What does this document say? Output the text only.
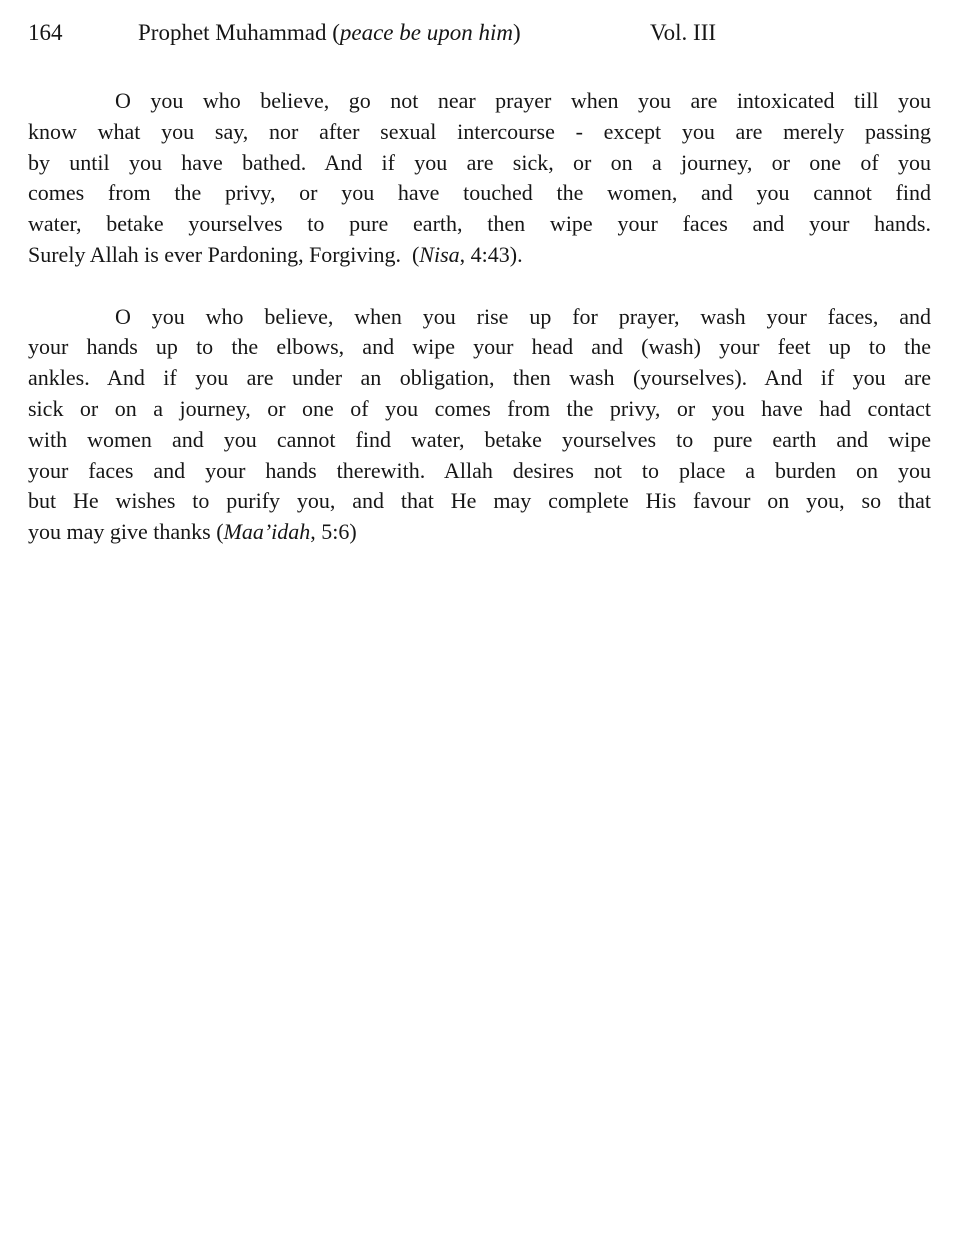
164	Prophet Muhammad (peace be upon him)	Vol. III
O you who believe, go not near prayer when you are intoxicated till you
know what you say, nor after sexual intercourse - except you are merely passing
by until you have bathed. And if you are sick, or on a journey, or one of you
comes from the privy, or you have touched the women, and you cannot find
water, betake yourselves to pure earth, then wipe your faces and your hands.
Surely Allah is ever Pardoning, Forgiving.  (Nisa, 4:43).
O you who believe, when you rise up for prayer, wash your faces, and
your hands up to the elbows, and wipe your head and (wash) your feet up to the
ankles. And if you are under an obligation, then wash (yourselves). And if you are
sick or on a journey, or one of you comes from the privy, or you have had contact
with women and you cannot find water, betake yourselves to pure earth and wipe
your faces and your hands therewith. Allah desires not to place a burden on you
but He wishes to purify you, and that He may complete His favour on you, so that
you may give thanks (Maa’idah, 5:6)
